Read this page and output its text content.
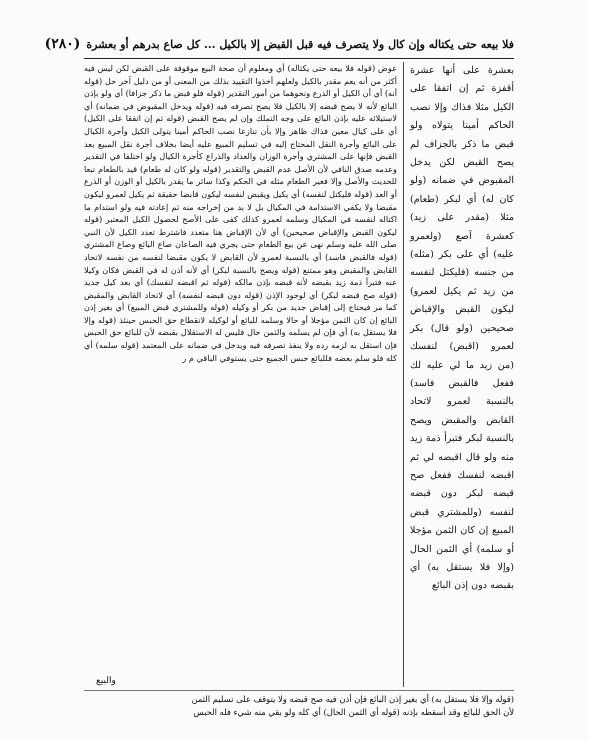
فلا بيعه حتى يكتاله وإن كال ولا يتصرف فيه قبل القبض إلا بالكيل ... كل صاع بدرهم أو بعشرة
(٢٨٠)

بعشرة على أنها عشرة أقفزة ثم إن اتفقا على الكيل مثلا فذاك وإلا نصب الحاكم أمينا يتولاه ولو قبض ما ذكر بالجزاف لم يصح القبض لكن يدخل المقبوض في ضمانه (ولو كان له) أي لبكر (طعام) مثلا (مقدر على زيد) كعشرة آصع (ولعمرو عليه) أي على بكر (مثله) من جنسه (فليكتل لنفسه من زيد ثم يكيل لعمرو) ليكون القبض والإقباض صحيحين (ولو قال) بكر لعمرو (اقبض) لنفسك (من زيد ما لي عليه لك ففعل فالقبض فاسد) بالنسبة لعمرو لاتحاد القابض والمقبض ويصح بالنسبة لبكر فتبرأ ذمة زيد منه ولو قال اقبضه لي ثم اقبضه لنفسك ففعل صح قبضه لبكر دون قبضه لنفسه (وللمشتري قبض المبيع إن كان الثمن مؤجلا أو سلمه) أي الثمن الحال (وإلا فلا يستقل به) أي بقبضه دون إذن البائع

عوض (قوله فلا بيعه حتى يكتاله) أي ومعلوم أن صحة البيع موقوفة على القبض لكن ليس فيه أكثر من أنه يعم مقدر بالكيل ولعلهم أخذوا التقييد بذلك من المعنى أو من دليل آخر حل (قوله أنه) أي أن الكيل أو الذرع ونحوهما من أمور التقدير (قوله فلو قبض ما ذكر جزافا) أي ولو بإذن البائع لأنه لا يصح قبضه إلا بالكيل فلا يصح تصرفه فيه (قوله ويدخل المقبوض في ضمانه) أي لاستيلائه عليه بإذن البائع على وجه التملك وإن لم يصح القبض (قوله ثم إن اتفقا على الكيل) أي على كيال معين فذاك ظاهر وإلا بأن تنازعا نصب الحاكم أمينا يتولى الكيل وأجرة الكيال على البائع وأجرة النقل المحتاج إليه في تسليم المبيع عليه أيضا بخلاف أجرة نقل المبيع بعد القبض فإنها على المشتري وأجرة الوزان والعداد والذراع كأجرة الكيال ولو اختلفا في التقدير وعدمه صدق النافي لأن الأصل عدم القبض والتقدير (قوله ولو كان له طعام) قيد بالطعام تبعا للحديث والأصل وإلا فغير الطعام مثله في الحكم وكذا سائر ما يقدر بالكيل أو الوزن أو الذرع أو العد (قوله فليكتل لنفسه) أي يكيل ويقبض لنفسه ليكون قابضا حقيقة ثم يكيل لعمرو ليكون مقبضا ولا يكفي الاستدامة في المكيال بل لا بد من إخراجه منه ثم إعادته فيه ولو استدام ما اكتاله لنفسه في المكيال وسلمه لعمرو كذلك كفى على الأصح لحصول الكيل المعتبر (قوله ليكون القبض والإقباض صحيحين) أي لأن الإقباض هنا متعدد فاشترط تعدد الكيل لأن النبي صلى الله عليه وسلم نهى عن بيع الطعام حتى يجري فيه الصاعان صاع البائع وصاع المشتري (قوله فالقبض فاسد) أي بالنسبة لعمرو لأن القابض لا يكون مقبضا لنفسه من نفسه لاتحاد القابض والمقبض وهو ممتنع (قوله ويصح بالنسبة لبكر) أي لأنه أذن له في القبض فكان وكيلا عنه فتبرأ ذمة زيد بقبضه لأنه قبضه بإذن مالكه (قوله ثم اقبضه لنفسك) أي بعد كيل جديد (قوله صح قبضه لبكر) أي لوجود الإذن (قوله دون قبضه لنفسه) أي لاتحاد القابض والمقبض كما مر فيحتاج إلى إقباض جديد من بكر أو وكيله (قوله وللمشتري قبض المبيع) أي بغير إذن البائع إن كان الثمن مؤجلا أو حالا وسلمه للبائع أو لوكيله لانقطاع حق الحبس حينئذ (قوله وإلا فلا يستقل به) أي فإن لم يسلمه والثمن حال فليس له الاستقلال بقبضه لأن للبائع حق الحبس فإن استقل به لزمه رده ولا ينفذ تصرفه فيه ويدخل في ضمانه على المعتمد (قوله سلمه) أي كله فلو سلم بعضه فللبائع حبس الجميع حتى يستوفي الباقي م ر

والبيع

(قوله وإلا فلا يستقل به) أي بغير إذن البائع فإن أذن فيه صح قبضه ولا يتوقف على تسليم الثمن

لأن الحق للبائع وقد أسقطه بإذنه (قوله أي الثمن الحال) أي كله ولو بقي منه شيء فله الحبس
